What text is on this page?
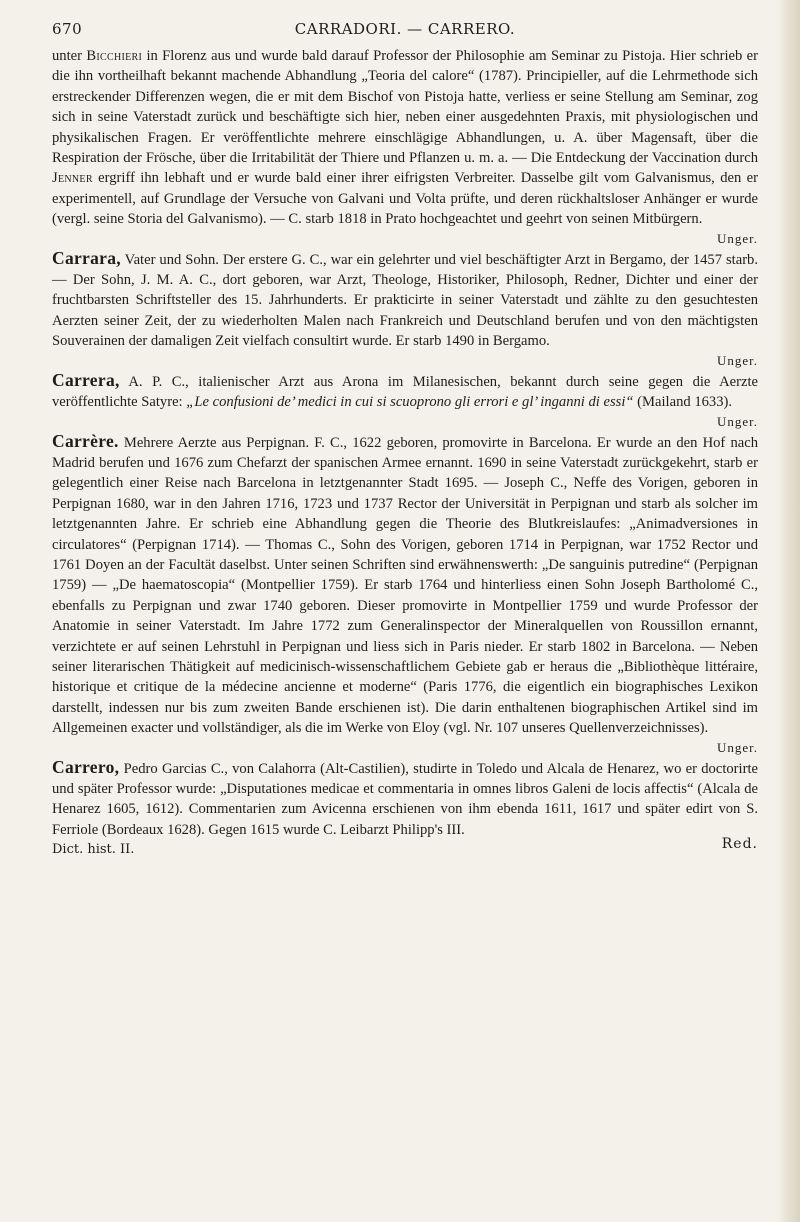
670	CARRADORI. — CARRERO.

unter Bicchieri in Florenz aus und wurde bald darauf Professor der Philosophie am Seminar zu Pistoja. Hier schrieb er die ihn vortheilhaft bekannt machende Abhandlung „Teoria del calore“ (1787). Principieller, auf die Lehrmethode sich erstreckender Differenzen wegen, die er mit dem Bischof von Pistoja hatte, verliess er seine Stellung am Seminar, zog sich in seine Vaterstadt zurück und beschäftigte sich hier, neben einer ausgedehnten Praxis, mit physiologischen und physikalischen Fragen. Er veröffentlichte mehrere einschlägige Abhandlungen, u. A. über Magensaft, über die Respiration der Frösche, über die Irritabilität der Thiere und Pflanzen u. m. a. — Die Entdeckung der Vaccination durch Jenner ergriff ihn lebhaft und er wurde bald einer ihrer eifrigsten Verbreiter. Dasselbe gilt vom Galvanismus, den er experimentell, auf Grundlage der Versuche von Galvani und Volta prüfte, und deren rückhaltsloser Anhänger er wurde (vergl. seine Storia del Galvanismo). — C. starb 1818 in Prato hochgeachtet und geehrt von seinen Mitbürgern.

Unger.

Carrara, Vater und Sohn. Der erstere G. C., war ein gelehrter und viel beschäftigter Arzt in Bergamo, der 1457 starb. — Der Sohn, J. M. A. C., dort geboren, war Arzt, Theologe, Historiker, Philosoph, Redner, Dichter und einer der fruchtbarsten Schriftsteller des 15. Jahrhunderts. Er prakticirte in seiner Vaterstadt und zählte zu den gesuchtesten Aerzten seiner Zeit, der zu wiederholten Malen nach Frankreich und Deutschland berufen und von den mächtigsten Souverainen der damaligen Zeit vielfach consultirt wurde. Er starb 1490 in Bergamo.

Unger.

Carrera, A. P. C., italienischer Arzt aus Arona im Milanesischen, bekannt durch seine gegen die Aerzte veröffentlichte Satyre: „Le confusioni de’ medici in cui si scuoprono gli errori e gl’ inganni di essi“ (Mailand 1633).

Unger.

Carrère. Mehrere Aerzte aus Perpignan. F. C., 1622 geboren, promovirte in Barcelona. Er wurde an den Hof nach Madrid berufen und 1676 zum Chefarzt der spanischen Armee ernannt. 1690 in seine Vaterstadt zurückgekehrt, starb er gelegentlich einer Reise nach Barcelona in letztgenannter Stadt 1695. — Joseph C., Neffe des Vorigen, geboren in Perpignan 1680, war in den Jahren 1716, 1723 und 1737 Rector der Universität in Perpignan und starb als solcher im letztgenannten Jahre. Er schrieb eine Abhandlung gegen die Theorie des Blutkreislaufes: „Animadversiones in circulatores“ (Perpignan 1714). — Thomas C., Sohn des Vorigen, geboren 1714 in Perpignan, war 1752 Rector und 1761 Doyen an der Facultät daselbst. Unter seinen Schriften sind erwähnenswerth: „De sanguinis putredine“ (Perpignan 1759) — „De haematoscopia“ (Montpellier 1759). Er starb 1764 und hinterliess einen Sohn Joseph Bartholomé C., ebenfalls zu Perpignan und zwar 1740 geboren. Dieser promovirte in Montpellier 1759 und wurde Professor der Anatomie in seiner Vaterstadt. Im Jahre 1772 zum Generalinspector der Mineralquellen von Roussillon ernannt, verzichtete er auf seinen Lehrstuhl in Perpignan und liess sich in Paris nieder. Er starb 1802 in Barcelona. — Neben seiner literarischen Thätigkeit auf medicinisch-wissenschaftlichem Gebiete gab er heraus die „Bibliothèque littéraire, historique et critique de la médecine ancienne et moderne“ (Paris 1776, die eigentlich ein biographisches Lexikon darstellt, indessen nur bis zum zweiten Bande erschienen ist). Die darin enthaltenen biographischen Artikel sind im Allgemeinen exacter und vollständiger, als die im Werke von Eloy (vgl. Nr. 107 unseres Quellenverzeichnisses).

Unger.

Carrero, Pedro Garcias C., von Calahorra (Alt-Castilien), studirte in Toledo und Alcala de Henarez, wo er doctorirte und später Professor wurde: „Disputationes medicae et commentaria in omnes libros Galeni de locis affectis“ (Alcala de Henarez 1605, 1612). Commentarien zum Avicenna erschienen von ihm ebenda 1611, 1617 und später edirt von S. Ferriole (Bordeaux 1628). Gegen 1615 wurde C. Leibarzt Philipp's III.

Dict. hist. II.	Red.
